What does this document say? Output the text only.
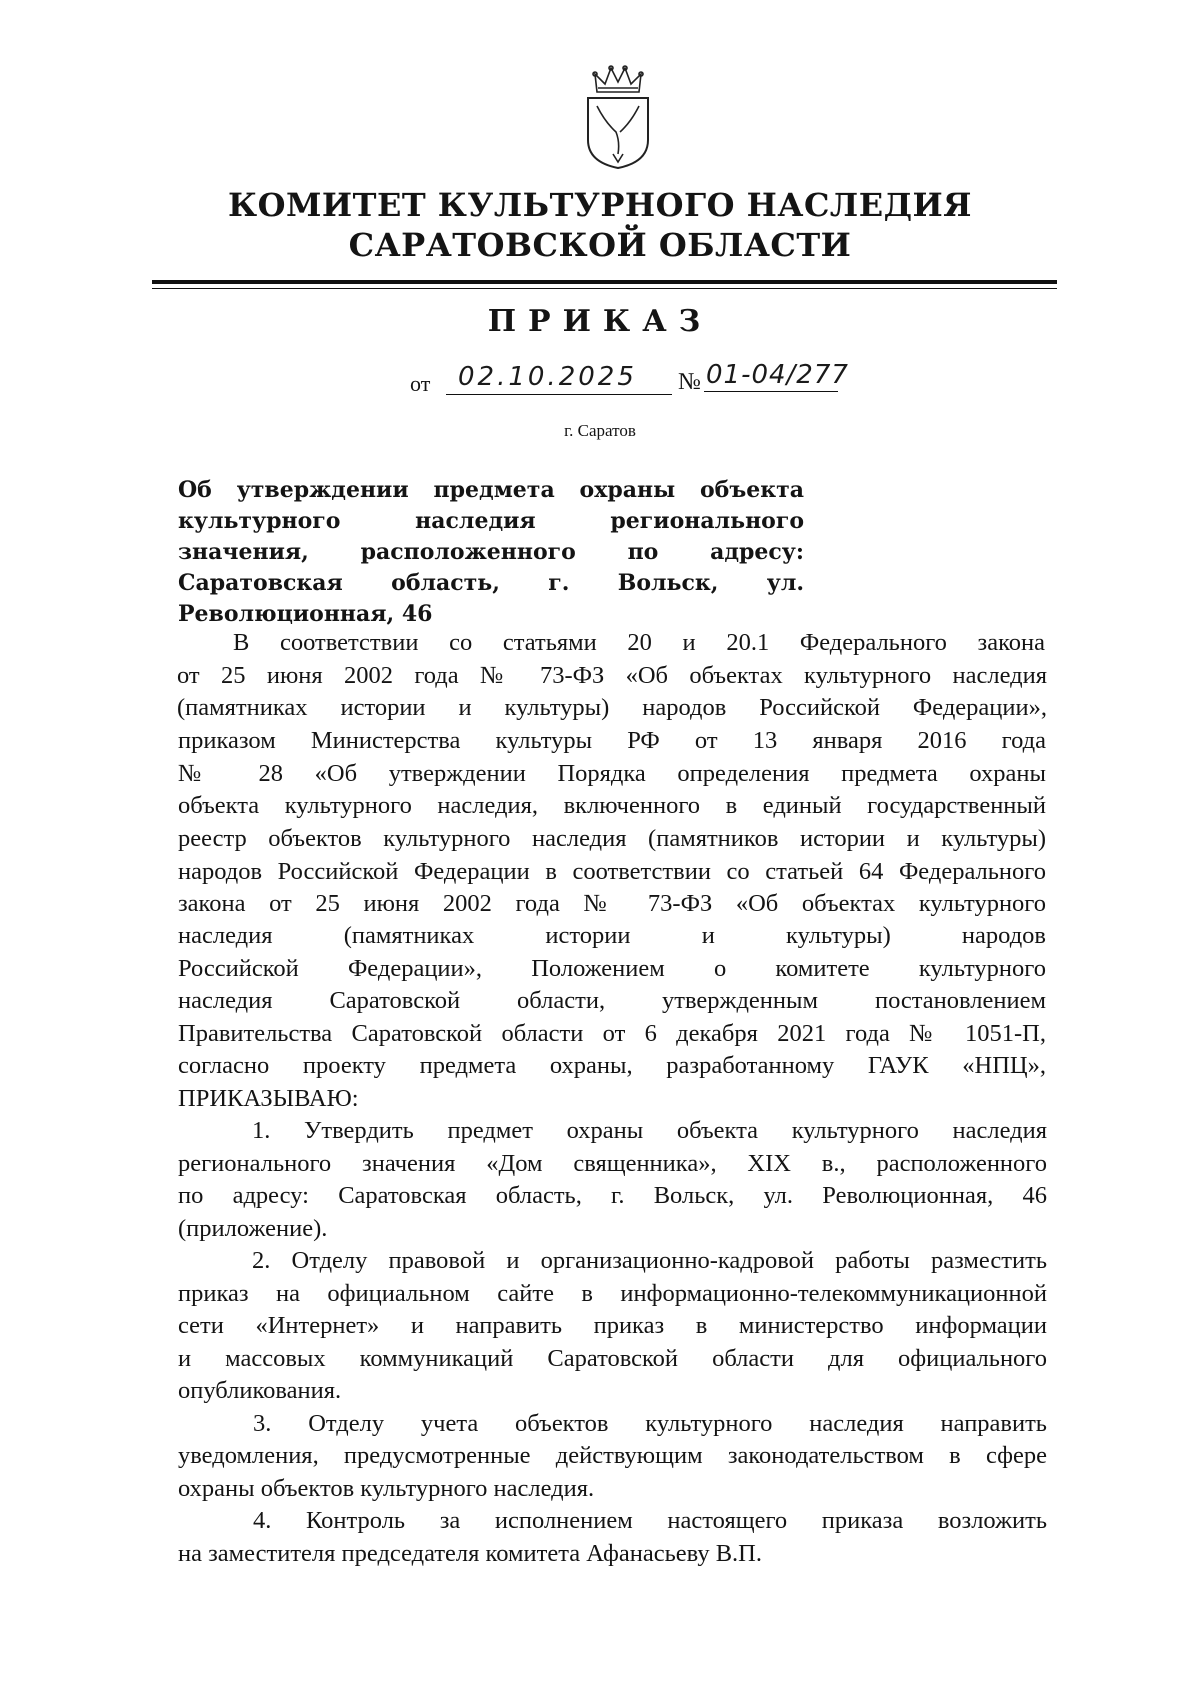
КОМИТЕТ КУЛЬТУРНОГО НАСЛЕДИЯ
САРАТОВСКОЙ ОБЛАСТИ
ПРИКАЗ
от 02.10.2025 № 01-04/277
г. Саратов
Об утверждении предмета охраны объекта культурного наследия регионального значения, расположенного по адресу: Саратовская область, г. Вольск, ул. Революционная, 46
В соответствии со статьями 20 и 20.1 Федерального закона
от 25 июня 2002 года № 73-ФЗ «Об объектах культурного наследия
(памятниках истории и культуры) народов Российской Федерации»,
приказом Министерства культуры РФ от 13 января 2016 года
№ 28 «Об утверждении Порядка определения предмета охраны
объекта культурного наследия, включенного в единый государственный
реестр объектов культурного наследия (памятников истории и культуры)
народов Российской Федерации в соответствии со статьей 64 Федерального
закона от 25 июня 2002 года № 73-ФЗ «Об объектах культурного
наследия (памятниках истории и культуры) народов
Российской Федерации», Положением о комитете культурного
наследия Саратовской области, утвержденным постановлением
Правительства Саратовской области от 6 декабря 2021 года № 1051-П,
согласно проекту предмета охраны, разработанному ГАУК «НПЦ»,
ПРИКАЗЫВАЮ:
1. Утвердить предмет охраны объекта культурного наследия
регионального значения «Дом священника», XIX в., расположенного
по адресу: Саратовская область, г. Вольск, ул. Революционная, 46
(приложение).
2. Отделу правовой и организационно-кадровой работы разместить
приказ на официальном сайте в информационно-телекоммуникационной
сети «Интернет» и направить приказ в министерство информации
и массовых коммуникаций Саратовской области для официального
опубликования.
3. Отделу учета объектов культурного наследия направить
уведомления, предусмотренные действующим законодательством в сфере
охраны объектов культурного наследия.
4. Контроль за исполнением настоящего приказа возложить
на заместителя председателя комитета Афанасьеву В.П.
